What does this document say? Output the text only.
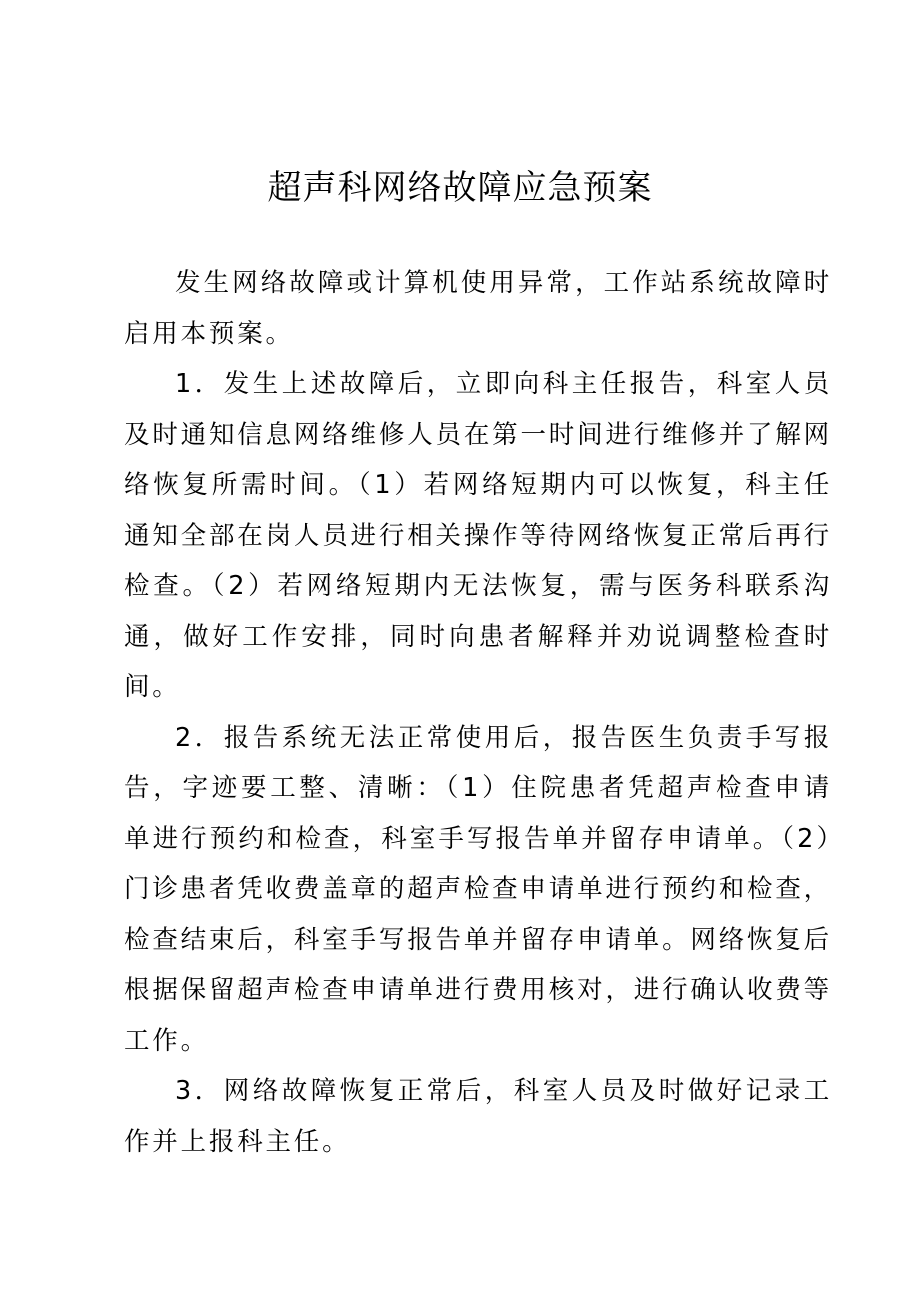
超声科网络故障应急预案

发生网络故障或计算机使用异常，工作站系统故障时启用本预案。

1．发生上述故障后，立即向科主任报告，科室人员及时通知信息网络维修人员在第一时间进行维修并了解网络恢复所需时间。（1）若网络短期内可以恢复，科主任通知全部在岗人员进行相关操作等待网络恢复正常后再行检查。（2）若网络短期内无法恢复，需与医务科联系沟通，做好工作安排，同时向患者解释并劝说调整检查时间。

2．报告系统无法正常使用后，报告医生负责手写报告，字迹要工整、清晰：（1）住院患者凭超声检查申请单进行预约和检查，科室手写报告单并留存申请单。（2）门诊患者凭收费盖章的超声检查申请单进行预约和检查，检查结束后，科室手写报告单并留存申请单。网络恢复后根据保留超声检查申请单进行费用核对，进行确认收费等工作。

3．网络故障恢复正常后，科室人员及时做好记录工作并上报科主任。
